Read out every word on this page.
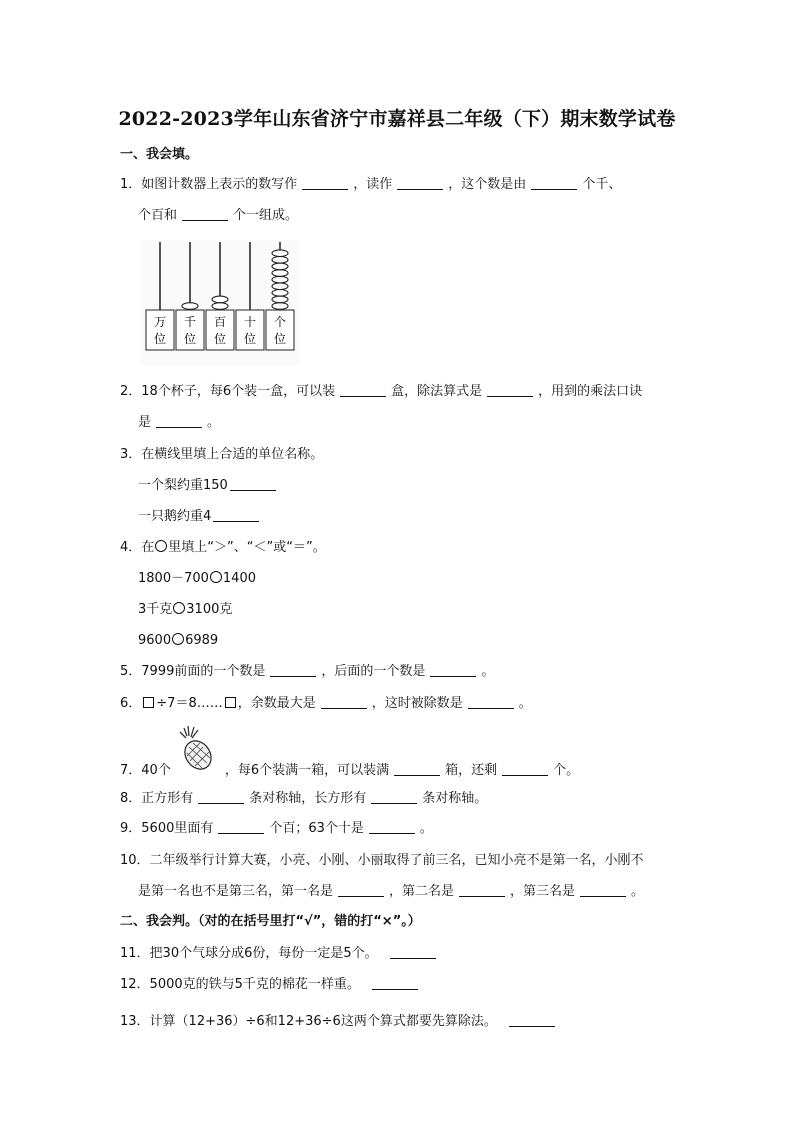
2022-2023学年山东省济宁市嘉祥县二年级（下）期末数学试卷
一、我会填。
1．如图计数器上表示的数写作	，读作	，这个数是由	个千、
个百和	个一组成。
万
位
千
位
百
位
十
位
个
位
2．18个杯子，每6个装一盒，可以装	盒，除法算式是	，用到的乘法口诀
是	。
3．在横线里填上合适的单位名称。
一个梨约重150
一只鹅约重4
4．在 里填上“＞”、“＜”或“＝”。
1800－700 1400
3千克 3100克
9600 6989
5．7999前面的一个数是	，后面的一个数是	。
6． ÷7＝8…… ，余数最大是	，这时被除数是	。
7．40个	，每6个装满一箱，可以装满	箱，还剩	个。
8．正方形有	条对称轴，长方形有	条对称轴。
9．5600里面有	个百；63个十是	。
10．二年级举行计算大赛，小亮、小刚、小丽取得了前三名，已知小亮不是第一名，小刚不
是第一名也不是第三名，第一名是	，第二名是	，第三名是	。
二、我会判。（对的在括号里打“√”，错的打“×”。）
11．把30个气球分成6份，每份一定是5个。
12．5000克的铁与5千克的棉花一样重。
13．计算（12+36）÷6和12+36÷6这两个算式都要先算除法。
